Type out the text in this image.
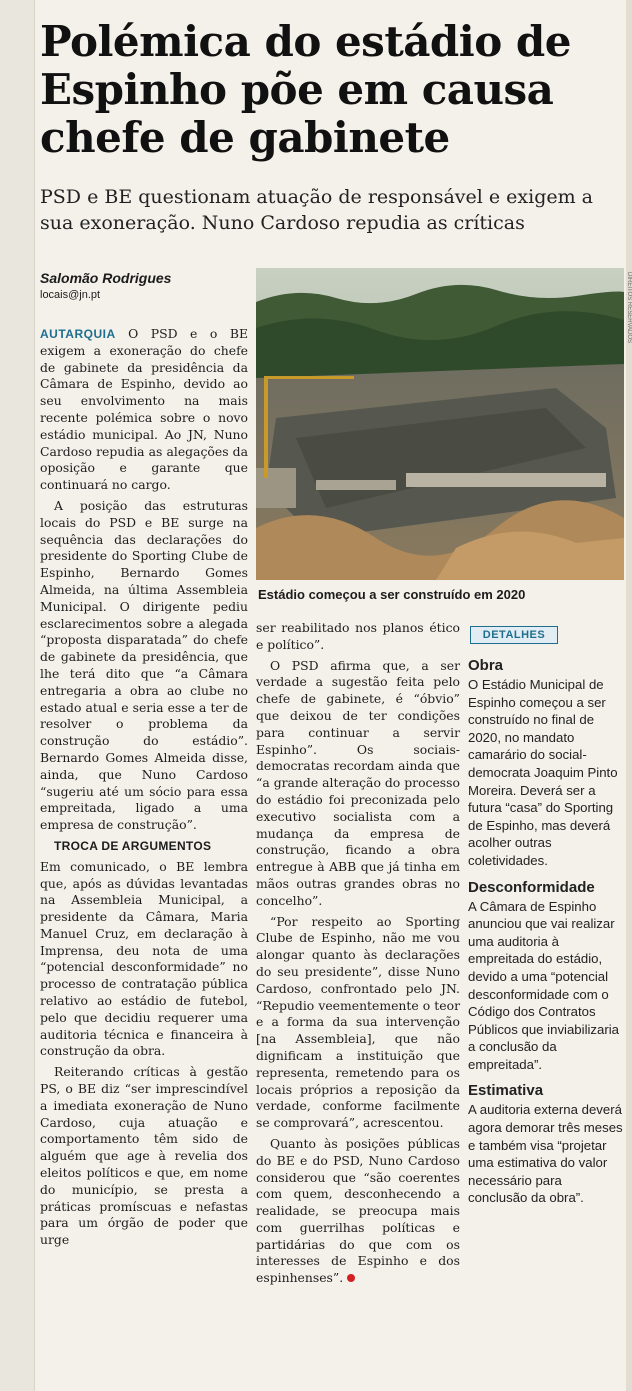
Polémica do estádio de Espinho põe em causa chefe de gabinete
PSD e BE questionam atuação de responsável e exigem a sua exoneração. Nuno Cardoso repudia as críticas
Salomão Rodrigues
locais@jn.pt

AUTARQUIA O PSD e o BE exigem a exoneração do chefe de gabinete da presidência da Câmara de Espinho, devido ao seu envolvimento na mais recente polémica sobre o novo estádio municipal. Ao JN, Nuno Cardoso repudia as alegações da oposição e garante que continuará no cargo.

A posição das estruturas locais do PSD e BE surge na sequência das declarações do presidente do Sporting Clube de Espinho, Bernardo Gomes Almeida, na última Assembleia Municipal. O dirigente pediu esclarecimentos sobre a alegada “proposta disparatada” do chefe de gabinete da presidência, que lhe terá dito que “a Câmara entregaria a obra ao clube no estado atual e seria esse a ter de resolver o problema da construção do estádio”. Bernardo Gomes Almeida disse, ainda, que Nuno Cardoso “sugeriu até um sócio para essa empreitada, ligado a uma empresa de construção”.

TROCA DE ARGUMENTOS

Em comunicado, o BE lembra que, após as dúvidas levantadas na Assembleia Municipal, a presidente da Câmara, Maria Manuel Cruz, em declaração à Imprensa, deu nota de uma “potencial desconformidade” no processo de contratação pública relativo ao estádio de futebol, pelo que decidiu requerer uma auditoria técnica e financeira à construção da obra.

Reiterando críticas à gestão PS, o BE diz “ser imprescindível a imediata exoneração de Nuno Cardoso, cuja atuação e comportamento têm sido de alguém que age à revelia dos eleitos políticos e que, em nome do município, se presta a práticas promíscuas e nefastas para um órgão de poder que urge

DIREITOS RESERVADOS
Estádio começou a ser construído em 2020

ser reabilitado nos planos ético e político”.

O PSD afirma que, a ser verdade a sugestão feita pelo chefe de gabinete, é “óbvio” que deixou de ter condições para continuar a servir Espinho”. Os sociais-democratas recordam ainda que “a grande alteração do processo do estádio foi preconizada pelo executivo socialista com a mudança da empresa de construção, ficando a obra entregue à ABB que já tinha em mãos outras grandes obras no concelho”.

“Por respeito ao Sporting Clube de Espinho, não me vou alongar quanto às declarações do seu presidente”, disse Nuno Cardoso, confrontado pelo JN. “Repudio veementemente o teor e a forma da sua intervenção [na Assembleia], que não dignificam a instituição que representa, remetendo para os locais próprios a reposição da verdade, conforme facilmente se comprovará”, acrescentou.

Quanto às posições públicas do BE e do PSD, Nuno Cardoso considerou que “são coerentes com quem, desconhecendo a realidade, se preocupa mais com guerrilhas políticas e partidárias do que com os interesses de Espinho e dos espinhenses”.

DETALHES
Obra

O Estádio Municipal de Espinho começou a ser construído no final de 2020, no mandato camarário do social-democrata Joaquim Pinto Moreira. Deverá ser a futura “casa” do Sporting de Espinho, mas deverá acolher outras coletividades.

Desconformidade

A Câmara de Espinho anunciou que vai realizar uma auditoria à empreitada do estádio, devido a uma “potencial desconformidade com o Código dos Contratos Públicos que inviabilizaria a conclusão da empreitada”.

Estimativa

A auditoria externa deverá agora demorar três meses e também visa “projetar uma estimativa do valor necessário para conclusão da obra”.
